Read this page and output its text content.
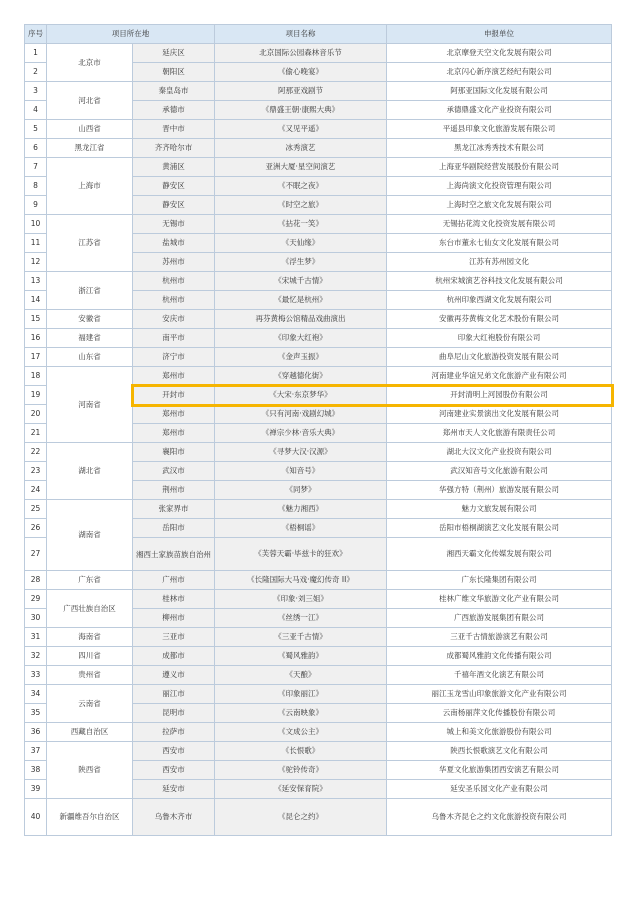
序号	项目所在地		项目名称	申报单位
1	北京市	延庆区	北京国际公园森林音乐节	北京摩登天空文化发展有限公司
2		朝阳区	《偷心晚宴》	北京闪心新序演艺经纪有限公司
3	河北省	秦皇岛市	阿那亚戏剧节	阿那亚国际文化发展有限公司
4		承德市	《鼎盛王朝·康熙大典》	承德鼎盛文化产业投资有限公司
5	山西省	晋中市	《又见平遥》	平遥县印象文化旅游发展有限公司
6	黑龙江省	齐齐哈尔市	冰秀演艺	黑龙江冰秀秀技术有限公司
7	上海市	黄浦区	亚洲大厦·星空间演艺	上海亚华剧院经营发展股份有限公司
8		静安区	《不眠之夜》	上海尚演文化投资管理有限公司
9		静安区	《时空之旅》	上海时空之旅文化发展有限公司
10	江苏省	无锡市	《拈花一笑》	无锡拈花湾文化投资发展有限公司
11		盐城市	《天仙缘》	东台市董永七仙女文化发展有限公司
12		苏州市	《浮生梦》	江苏有苏州园文化
13	浙江省	杭州市	《宋城千古情》	杭州宋城演艺谷科技文化发展有限公司
14		杭州市	《最忆是杭州》	杭州印象西湖文化发展有限公司
15	安徽省	安庆市	再芬黄梅公馆精品戏曲演出	安徽再芬黄梅文化艺术股份有限公司
16	福建省	南平市	《印象大红袍》	印象大红袍股份有限公司
17	山东省	济宁市	《金声玉振》	曲阜尼山文化旅游投资发展有限公司
18	河南省	郑州市	《穿越德化街》	河南建业华谊兄弟文化旅游产业有限公司
19		开封市	《大宋·东京梦华》	开封清明上河园股份有限公司
20		郑州市	《只有河南·戏剧幻城》	河南建业实景演出文化发展有限公司
21		郑州市	《禅宗少林·音乐大典》	郑州市天人文化旅游有限责任公司
22	湖北省	襄阳市	《寻梦大汉·汉源》	湖北大汉文化产业投资有限公司
23		武汉市	《知音号》	武汉知音号文化旅游有限公司
24		荆州市	《同梦》	华强方特（荆州）旅游发展有限公司
25	湖南省	张家界市	《魅力湘西》	魅力文旅发展有限公司
26		岳阳市	《梧桐谣》	岳阳市梧桐湖演艺文化发展有限公司
27		湘西土家族苗族自治州	《芙蓉天霸·毕兹卡的狂欢》	湘西天霸文化传媒发展有限公司
28	广东省	广州市	《长隆国际大马戏·魔幻传奇 II》	广东长隆集团有限公司
29	广西壮族自治区	桂林市	《印象·刘三姐》	桂林广维文华旅游文化产业有限公司
30		柳州市	《丝绣一江》	广西旅游发展集团有限公司
31	海南省	三亚市	《三亚千古情》	三亚千古情旅游演艺有限公司
32	四川省	成都市	《蜀风雅韵》	成都蜀风雅韵文化传播有限公司
33	贵州省	遵义市	《天酿》	千禧年酒文化演艺有限公司
34	云南省	丽江市	《印象丽江》	丽江玉龙雪山印象旅游文化产业有限公司
35		昆明市	《云南映象》	云南杨丽萍文化传播股份有限公司
36	西藏自治区	拉萨市	《文成公主》	城上和美文化旅游股份有限公司
37	陕西省	西安市	《长恨歌》	陕西长恨歌演艺文化有限公司
38		西安市	《驼铃传奇》	华夏文化旅游集团西安演艺有限公司
39		延安市	《延安保育院》	延安圣乐园文化产业有限公司
40	新疆维吾尔自治区	乌鲁木齐市	《昆仑之约》	乌鲁木齐昆仑之约文化旅游投资有限公司
